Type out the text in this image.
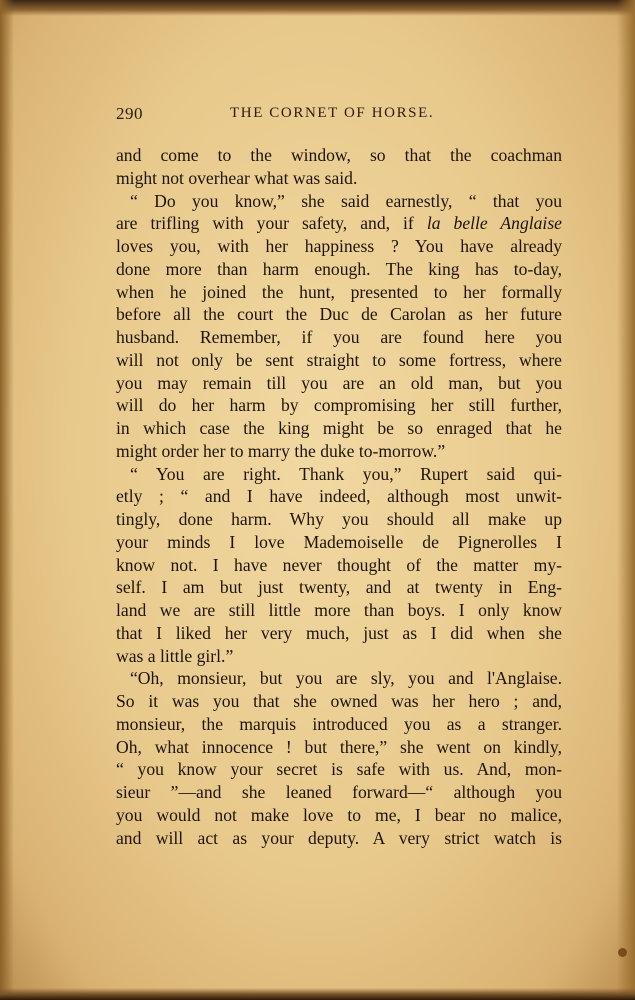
290	THE CORNET OF HORSE.
and come to the window, so that the coachman
might not overhear what was said.
“ Do you know,” she said earnestly, “ that you
are trifling with your safety, and, if la belle Anglaise
loves you, with her happiness ? You have already
done more than harm enough. The king has to-day,
when he joined the hunt, presented to her formally
before all the court the Duc de Carolan as her future
husband. Remember, if you are found here you
will not only be sent straight to some fortress, where
you may remain till you are an old man, but you
will do her harm by compromising her still further,
in which case the king might be so enraged that he
might order her to marry the duke to-morrow.”
“ You are right. Thank you,” Rupert said qui-
etly ; “ and I have indeed, although most unwit-
tingly, done harm. Why you should all make up
your minds I love Mademoiselle de Pignerolles I
know not. I have never thought of the matter my-
self. I am but just twenty, and at twenty in Eng-
land we are still little more than boys. I only know
that I liked her very much, just as I did when she
was a little girl.”
“Oh, monsieur, but you are sly, you and l'Anglaise.
So it was you that she owned was her hero ; and,
monsieur, the marquis introduced you as a stranger.
Oh, what innocence ! but there,” she went on kindly,
“ you know your secret is safe with us. And, mon-
sieur ”—and she leaned forward—“ although you
you would not make love to me, I bear no malice,
and will act as your deputy. A very strict watch is
